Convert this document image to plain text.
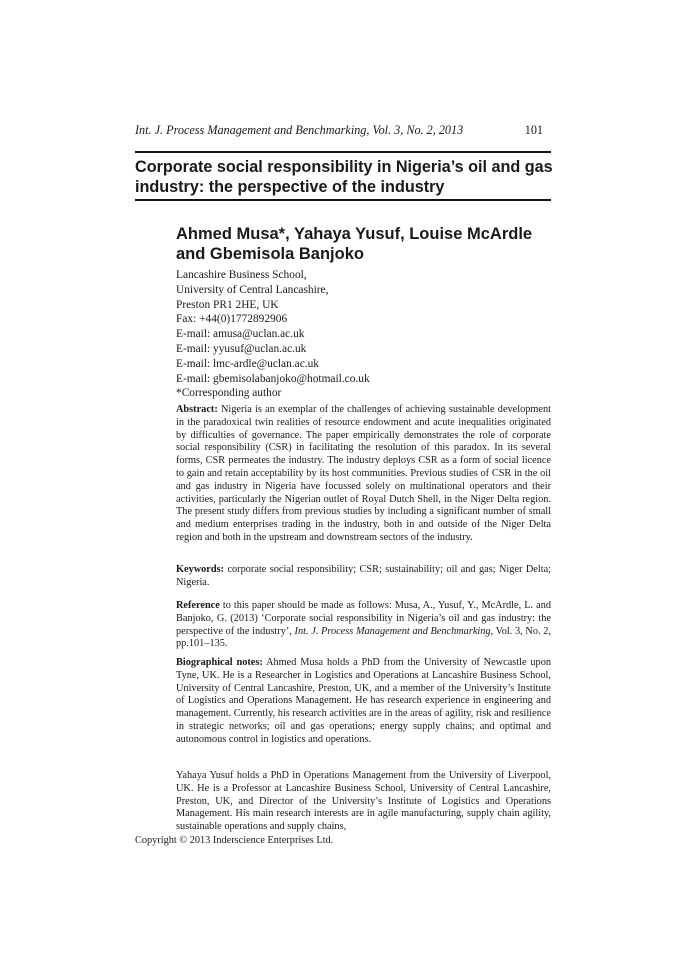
Int. J. Process Management and Benchmarking, Vol. 3, No. 2, 2013	101
Corporate social responsibility in Nigeria’s oil and gas industry: the perspective of the industry
Ahmed Musa*, Yahaya Yusuf, Louise McArdle and Gbemisola Banjoko
Lancashire Business School,
University of Central Lancashire,
Preston PR1 2HE, UK
Fax: +44(0)1772892906
E-mail: amusa@uclan.ac.uk
E-mail: yyusuf@uclan.ac.uk
E-mail: lmc-ardle@uclan.ac.uk
E-mail: gbemisolabanjoko@hotmail.co.uk
*Corresponding author

Abstract: Nigeria is an exemplar of the challenges of achieving sustainable development in the paradoxical twin realities of resource endowment and acute inequalities originated by difficulties of governance. The paper empirically demonstrates the role of corporate social responsibility (CSR) in facilitating the resolution of this paradox. In its several forms, CSR permeates the industry. The industry deploys CSR as a form of social licence to gain and retain acceptability by its host communities. Previous studies of CSR in the oil and gas industry in Nigeria have focussed solely on multinational operators and their activities, particularly the Nigerian outlet of Royal Dutch Shell, in the Niger Delta region. The present study differs from previous studies by including a significant number of small and medium enterprises trading in the industry, both in and outside of the Niger Delta region and both in the upstream and downstream sectors of the industry.

Keywords: corporate social responsibility; CSR; sustainability; oil and gas; Niger Delta; Nigeria.

Reference to this paper should be made as follows: Musa, A., Yusuf, Y., McArdle, L. and Banjoko, G. (2013) ‘Corporate social responsibility in Nigeria’s oil and gas industry: the perspective of the industry’, Int. J. Process Management and Benchmarking, Vol. 3, No. 2, pp.101–135.

Biographical notes: Ahmed Musa holds a PhD from the University of Newcastle upon Tyne, UK. He is a Researcher in Logistics and Operations at Lancashire Business School, University of Central Lancashire, Preston, UK, and a member of the University’s Institute of Logistics and Operations Management. He has research experience in engineering and management. Currently, his research activities are in the areas of agility, risk and resilience in strategic networks; oil and gas operations; energy supply chains; and optimal and autonomous control in logistics and operations.

Yahaya Yusuf holds a PhD in Operations Management from the University of Liverpool, UK. He is a Professor at Lancashire Business School, University of Central Lancashire, Preston, UK, and Director of the University’s Institute of Logistics and Operations Management. His main research interests are in agile manufacturing, supply chain agility, sustainable operations and supply chains,

Copyright © 2013 Inderscience Enterprises Ltd.
